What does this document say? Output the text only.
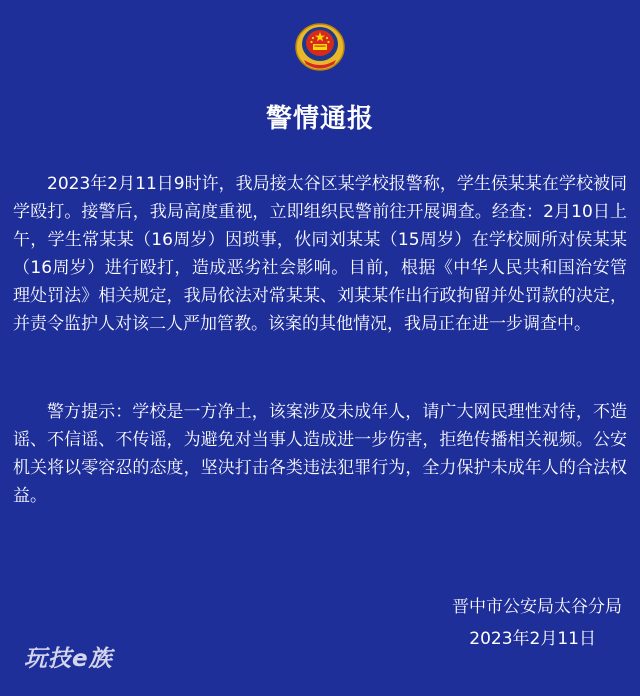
警情通报

2023年2月11日9时许，我局接太谷区某学校报警称，学生侯某某在学校被同学殴打。接警后，我局高度重视，立即组织民警前往开展调查。经查：2月10日上午，学生常某某（16周岁）因琐事，伙同刘某某（15周岁）在学校厕所对侯某某（16周岁）进行殴打，造成恶劣社会影响。目前，根据《中华人民共和国治安管理处罚法》相关规定，我局依法对常某某、刘某某作出行政拘留并处罚款的决定，并责令监护人对该二人严加管教。该案的其他情况，我局正在进一步调查中。

警方提示：学校是一方净土，该案涉及未成年人，请广大网民理性对待，不造谣、不信谣、不传谣，为避免对当事人造成进一步伤害，拒绝传播相关视频。公安机关将以零容忍的态度，坚决打击各类违法犯罪行为，全力保护未成年人的合法权益。

晋中市公安局太谷分局
2023年2月11日
玩技e族
